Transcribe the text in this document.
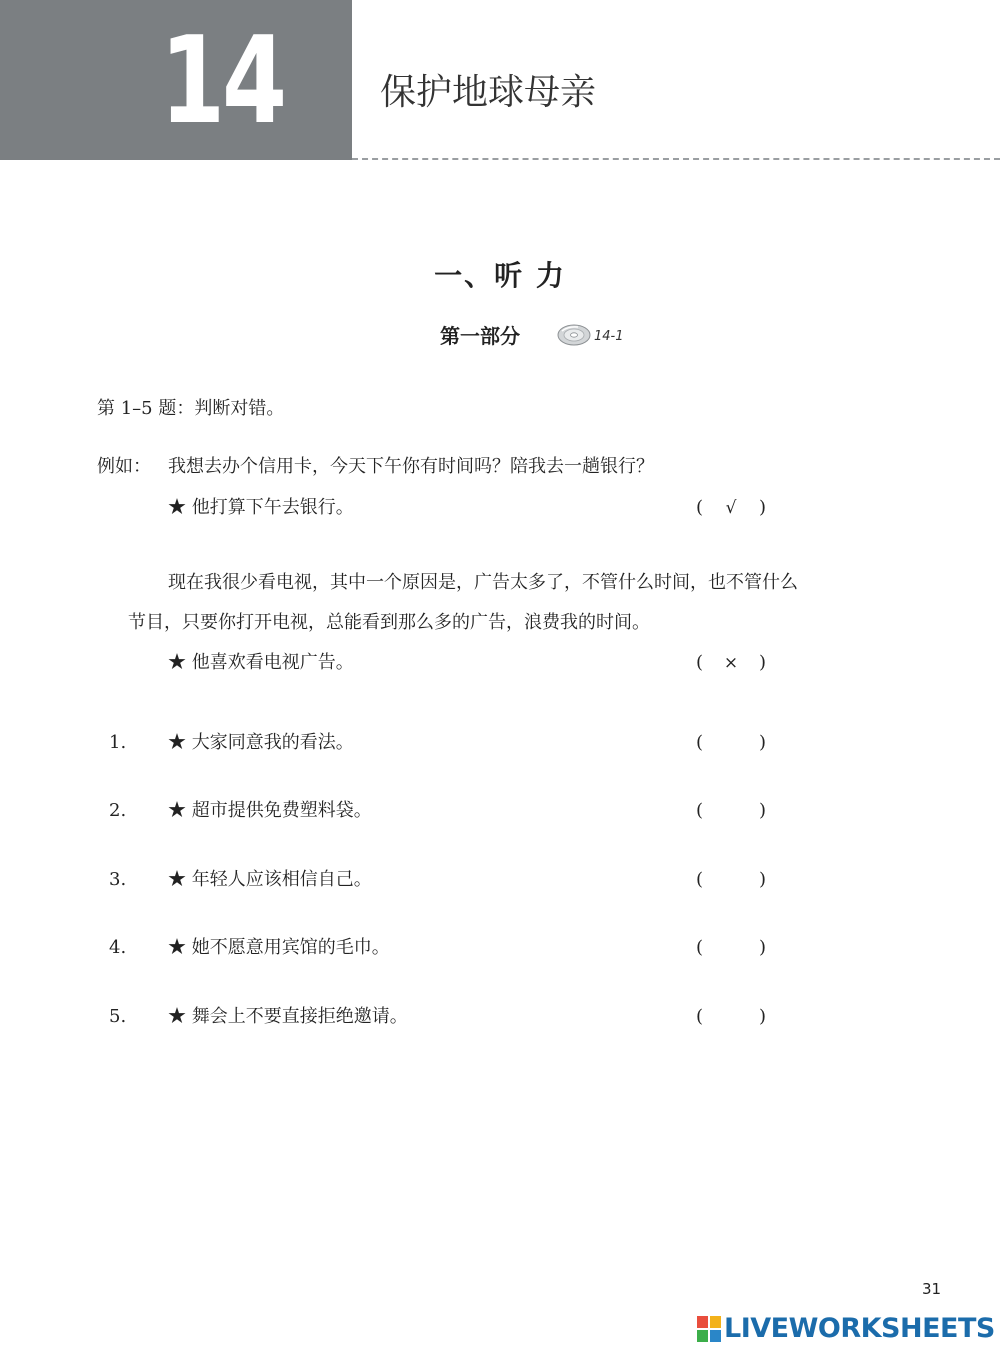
14	保护地球母亲
一、听 力
第一部分	14-1
第 1–5 题：判断对错。
例如： 我想去办个信用卡，今天下午你有时间吗？陪我去一趟银行？
★ 他打算下午去银行。	( √ )
现在我很少看电视，其中一个原因是，广告太多了，不管什么时间，也不管什么
节目，只要你打开电视，总能看到那么多的广告，浪费我的时间。
★ 他喜欢看电视广告。	( × )
1. ★ 大家同意我的看法。	(	)
2. ★ 超市提供免费塑料袋。	(	)
3. ★ 年轻人应该相信自己。	(	)
4. ★ 她不愿意用宾馆的毛巾。	(	)
5. ★ 舞会上不要直接拒绝邀请。	(	)
31
LIVEWORKSHEETS
